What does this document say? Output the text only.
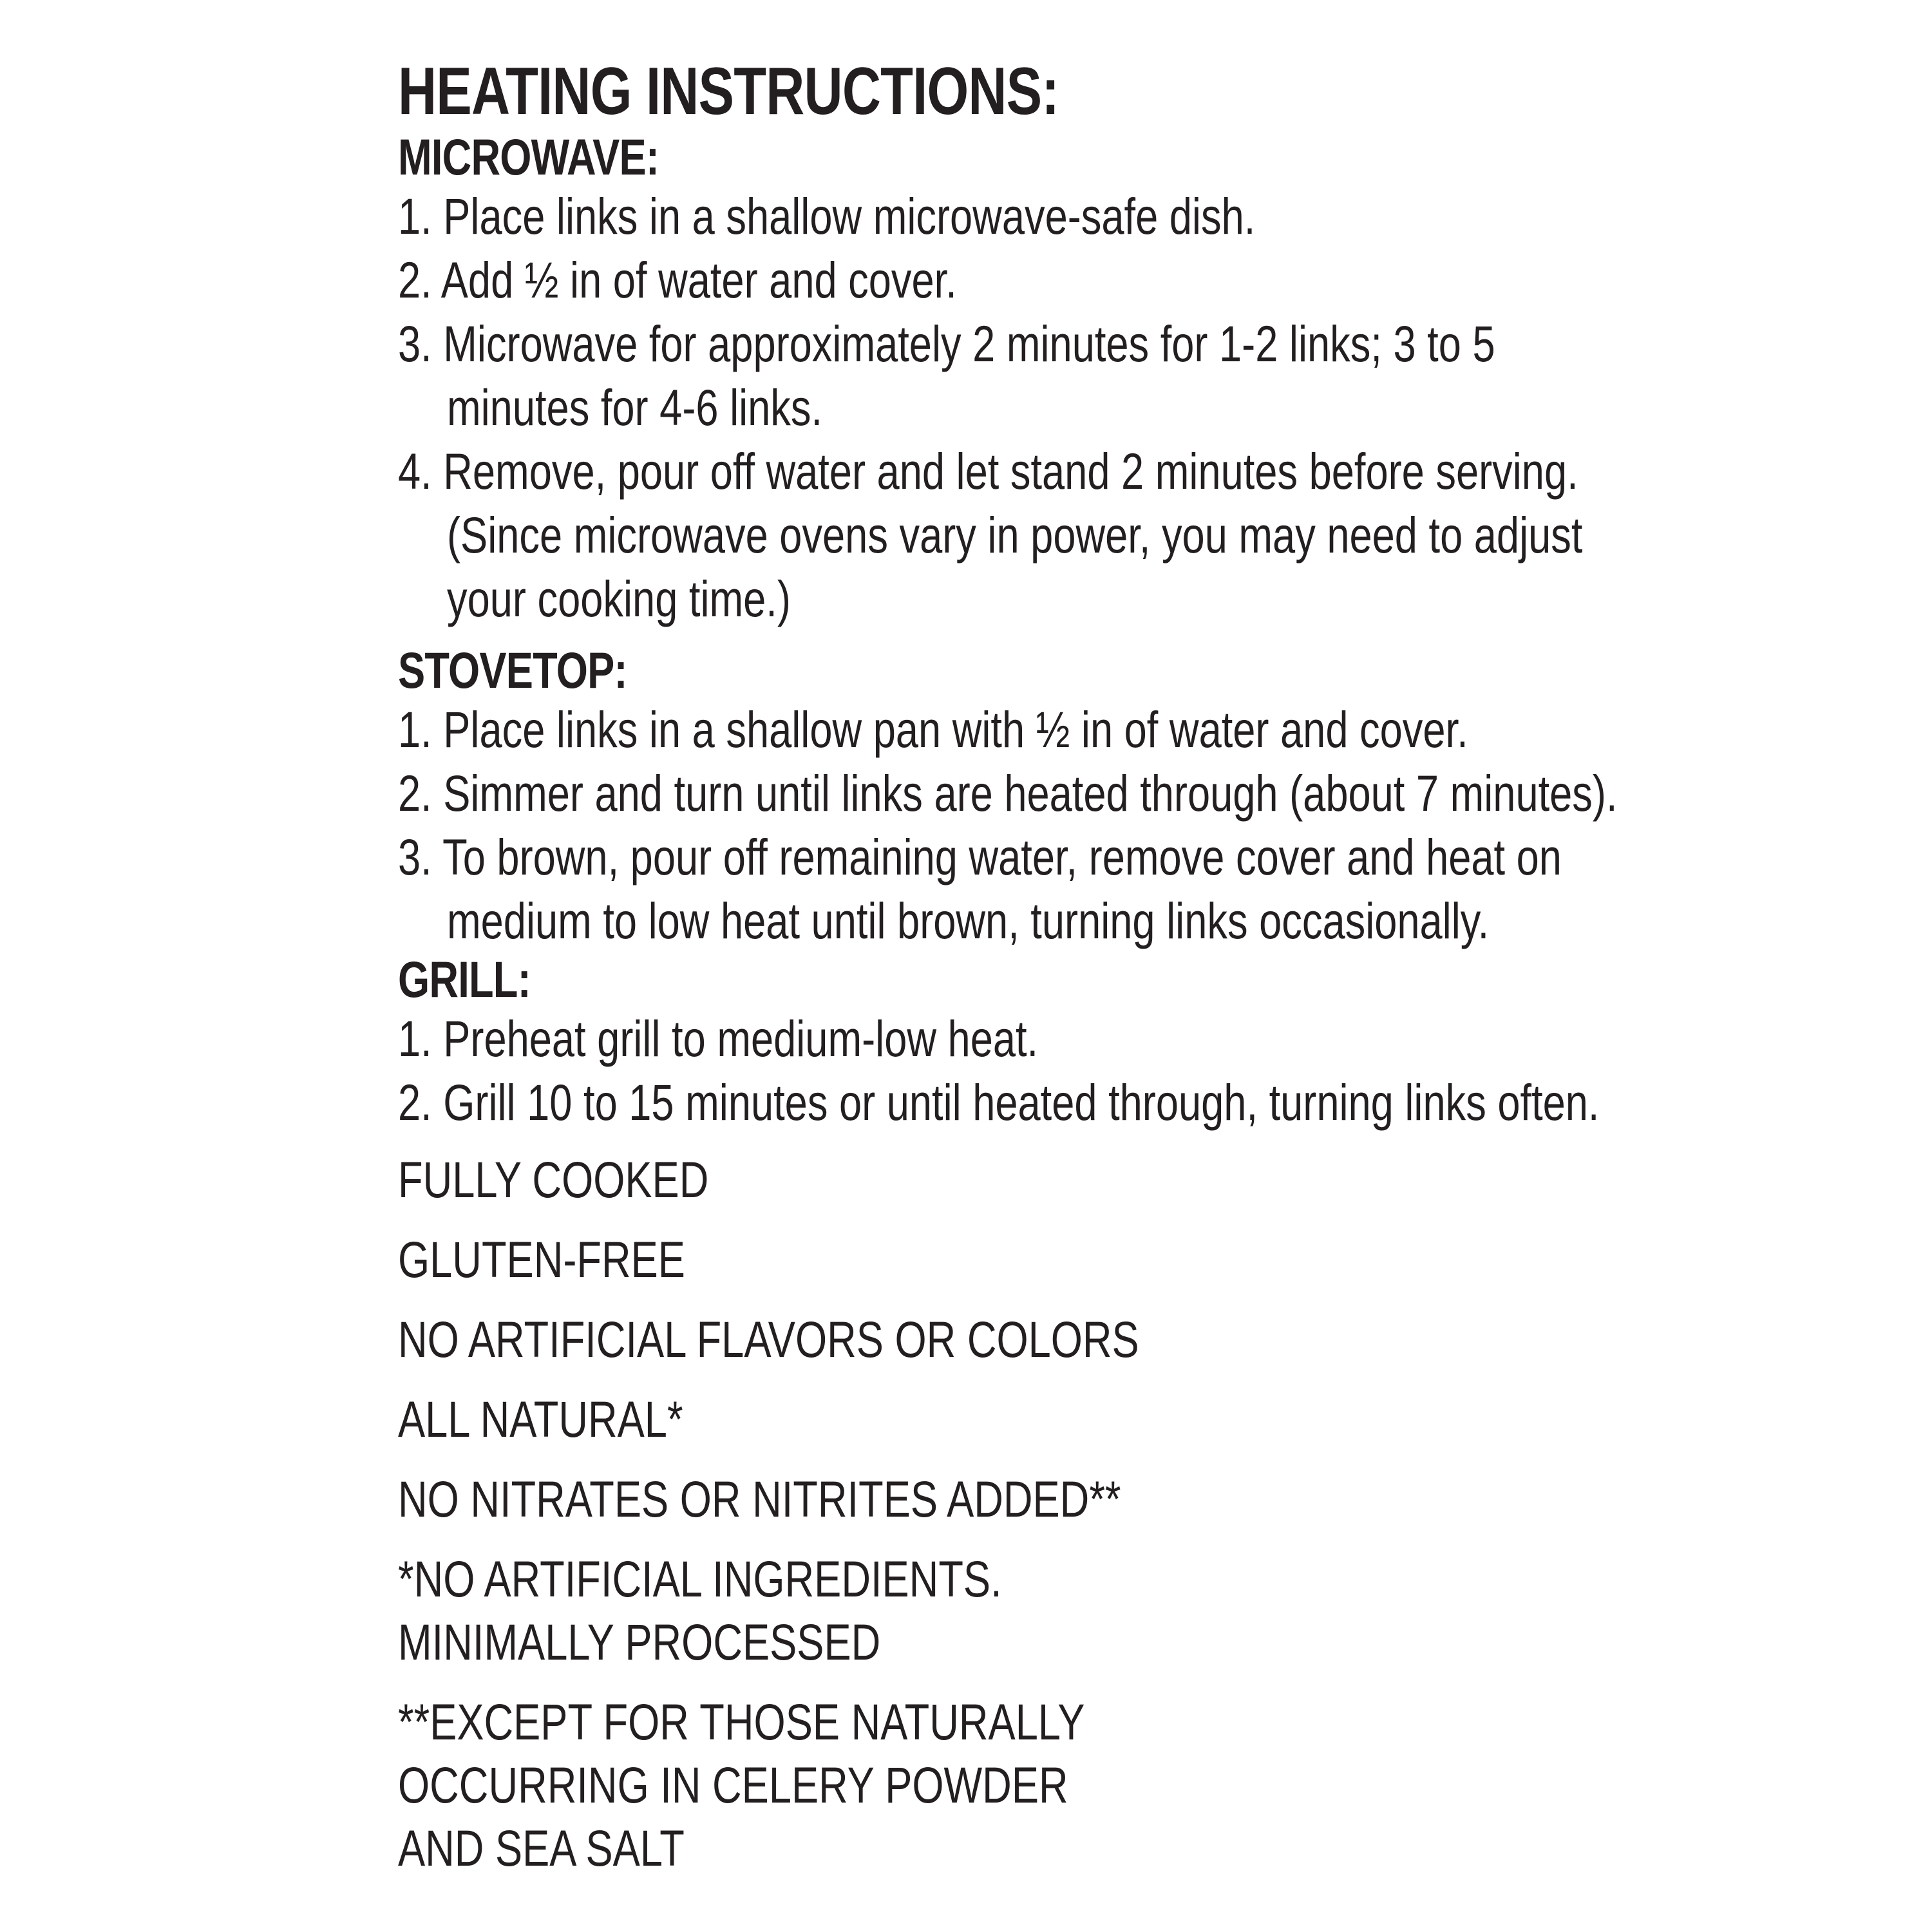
HEATING INSTRUCTIONS:
MICROWAVE:
1. Place links in a shallow microwave-safe dish.
2. Add ½ in of water and cover.
3. Microwave for approximately 2 minutes for 1-2 links; 3 to 5
minutes for 4-6 links.
4. Remove, pour off water and let stand 2 minutes before serving.
(Since microwave ovens vary in power, you may need to adjust
your cooking time.)
STOVETOP:
1. Place links in a shallow pan with ½ in of water and cover.
2. Simmer and turn until links are heated through (about 7 minutes).
3. To brown, pour off remaining water, remove cover and heat on
medium to low heat until brown, turning links occasionally.
GRILL:
1. Preheat grill to medium-low heat.
2. Grill 10 to 15 minutes or until heated through, turning links often.
FULLY COOKED
GLUTEN-FREE
NO ARTIFICIAL FLAVORS OR COLORS
ALL NATURAL*
NO NITRATES OR NITRITES ADDED**
*NO ARTIFICIAL INGREDIENTS.
MINIMALLY PROCESSED
**EXCEPT FOR THOSE NATURALLY
OCCURRING IN CELERY POWDER
AND SEA SALT
